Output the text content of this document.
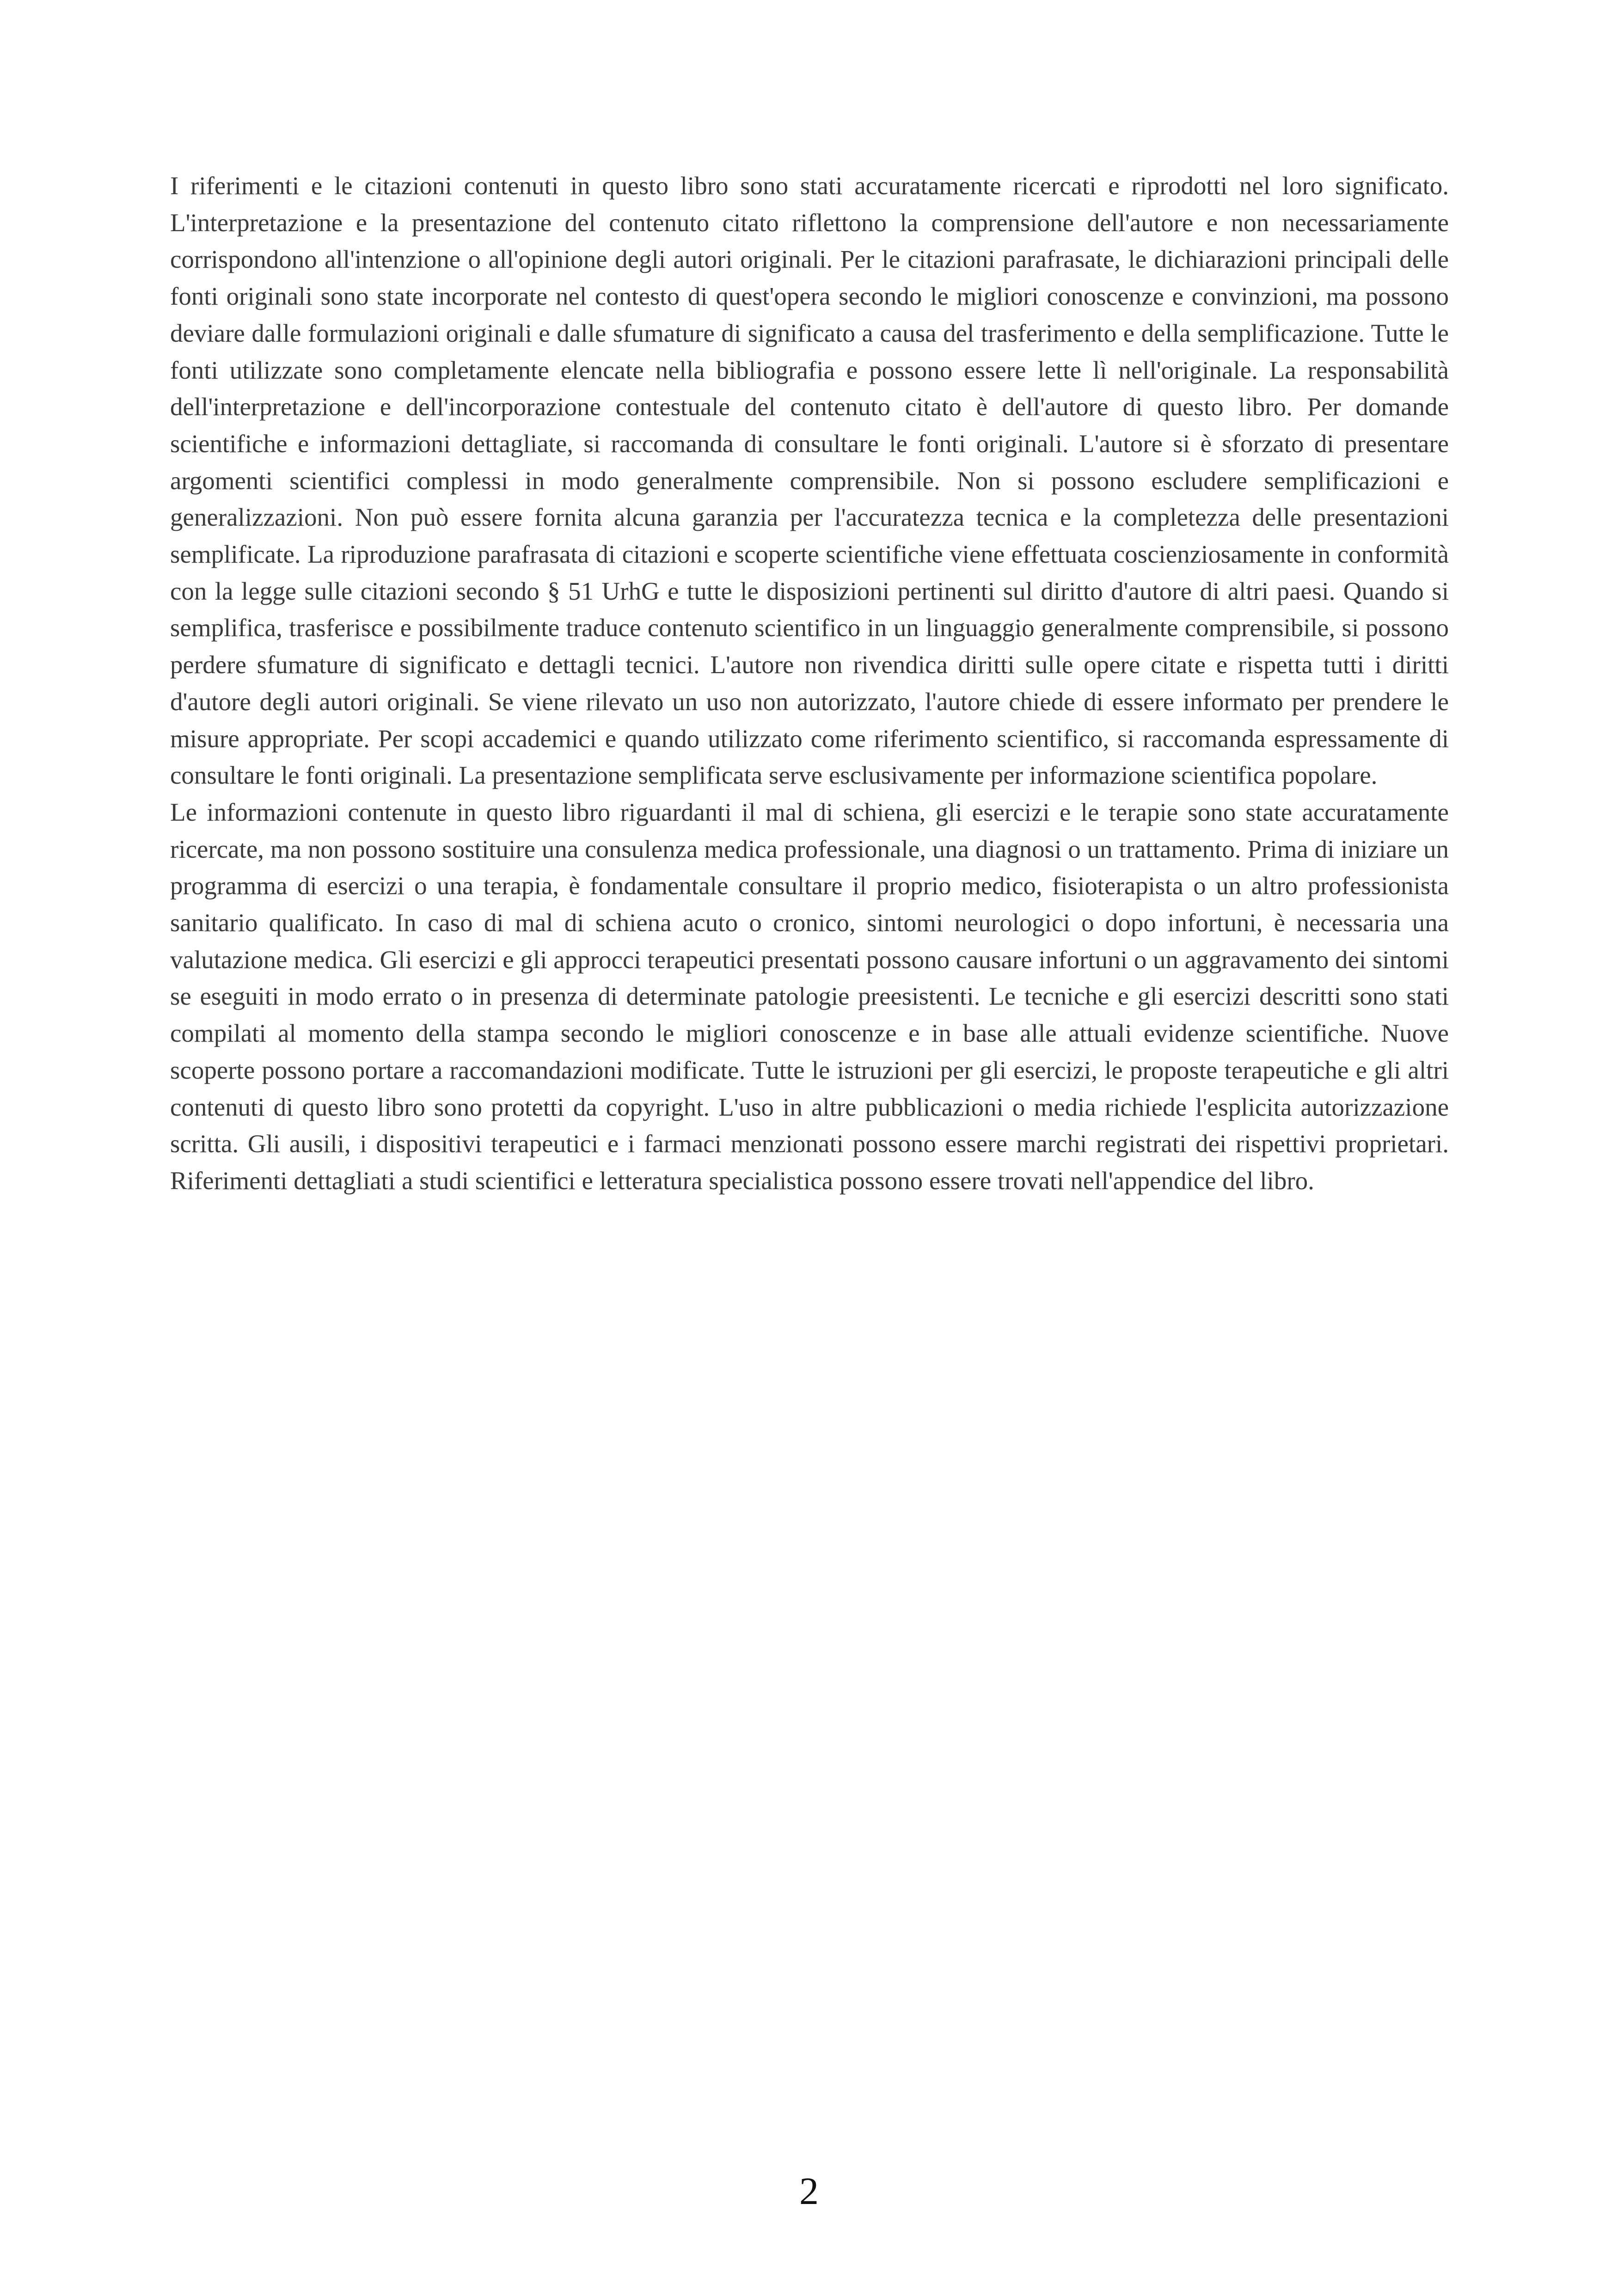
I riferimenti e le citazioni contenuti in questo libro sono stati accuratamente ricercati e riprodotti nel loro significato. L'interpretazione e la presentazione del contenuto citato riflettono la comprensione dell'autore e non necessariamente corrispondono all'intenzione o all'opinione degli autori originali. Per le citazioni parafrasate, le dichiarazioni principali delle fonti originali sono state incorporate nel contesto di quest'opera secondo le migliori conoscenze e convinzioni, ma possono deviare dalle formulazioni originali e dalle sfumature di significato a causa del trasferimento e della semplificazione. Tutte le fonti utilizzate sono completamente elencate nella bibliografia e possono essere lette lì nell'originale. La responsabilità dell'interpretazione e dell'incorporazione contestuale del contenuto citato è dell'autore di questo libro. Per domande scientifiche e informazioni dettagliate, si raccomanda di consultare le fonti originali. L'autore si è sforzato di presentare argomenti scientifici complessi in modo generalmente comprensibile. Non si possono escludere semplificazioni e generalizzazioni. Non può essere fornita alcuna garanzia per l'accuratezza tecnica e la completezza delle presentazioni semplificate. La riproduzione parafrasata di citazioni e scoperte scientifiche viene effettuata coscienziosamente in conformità con la legge sulle citazioni secondo § 51 UrhG e tutte le disposizioni pertinenti sul diritto d'autore di altri paesi. Quando si semplifica, trasferisce e possibilmente traduce contenuto scientifico in un linguaggio generalmente comprensibile, si possono perdere sfumature di significato e dettagli tecnici. L'autore non rivendica diritti sulle opere citate e rispetta tutti i diritti d'autore degli autori originali. Se viene rilevato un uso non autorizzato, l'autore chiede di essere informato per prendere le misure appropriate. Per scopi accademici e quando utilizzato come riferimento scientifico, si raccomanda espressamente di consultare le fonti originali. La presentazione semplificata serve esclusivamente per informazione scientifica popolare.

Le informazioni contenute in questo libro riguardanti il mal di schiena, gli esercizi e le terapie sono state accuratamente ricercate, ma non possono sostituire una consulenza medica professionale, una diagnosi o un trattamento. Prima di iniziare un programma di esercizi o una terapia, è fondamentale consultare il proprio medico, fisioterapista o un altro professionista sanitario qualificato. In caso di mal di schiena acuto o cronico, sintomi neurologici o dopo infortuni, è necessaria una valutazione medica. Gli esercizi e gli approcci terapeutici presentati possono causare infortuni o un aggravamento dei sintomi se eseguiti in modo errato o in presenza di determinate patologie preesistenti. Le tecniche e gli esercizi descritti sono stati compilati al momento della stampa secondo le migliori conoscenze e in base alle attuali evidenze scientifiche. Nuove scoperte possono portare a raccomandazioni modificate. Tutte le istruzioni per gli esercizi, le proposte terapeutiche e gli altri contenuti di questo libro sono protetti da copyright. L'uso in altre pubblicazioni o media richiede l'esplicita autorizzazione scritta. Gli ausili, i dispositivi terapeutici e i farmaci menzionati possono essere marchi registrati dei rispettivi proprietari. Riferimenti dettagliati a studi scientifici e letteratura specialistica possono essere trovati nell'appendice del libro.

2
